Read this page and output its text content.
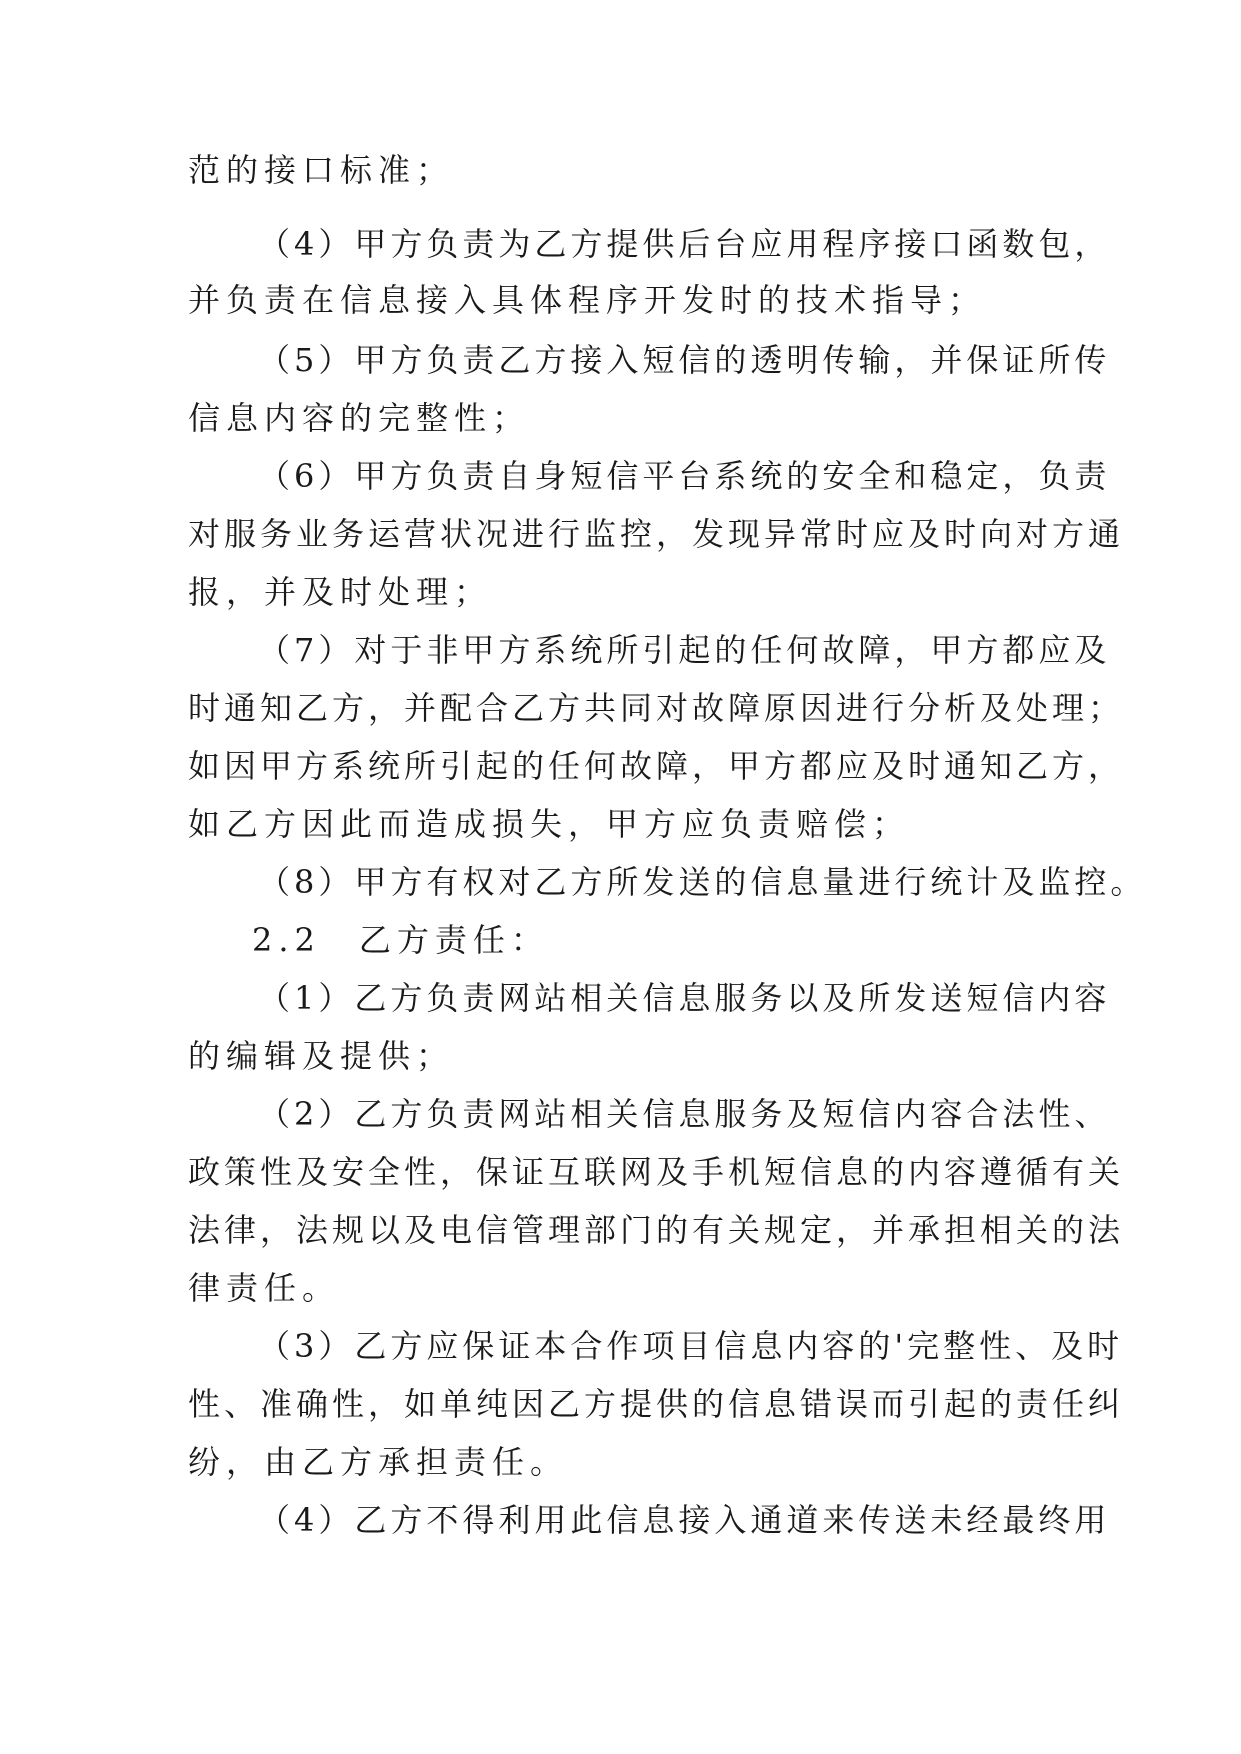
范的接口标准；
（4）甲方负责为乙方提供后台应用程序接口函数包，
并负责在信息接入具体程序开发时的技术指导；
（5）甲方负责乙方接入短信的透明传输，并保证所传
信息内容的完整性；
（6）甲方负责自身短信平台系统的安全和稳定，负责
对服务业务运营状况进行监控，发现异常时应及时向对方通
报，并及时处理；
（7）对于非甲方系统所引起的任何故障，甲方都应及
时通知乙方，并配合乙方共同对故障原因进行分析及处理；
如因甲方系统所引起的任何故障，甲方都应及时通知乙方，
如乙方因此而造成损失，甲方应负责赔偿；
（8）甲方有权对乙方所发送的信息量进行统计及监控。
2.2　乙方责任：
（1）乙方负责网站相关信息服务以及所发送短信内容
的编辑及提供；
（2）乙方负责网站相关信息服务及短信内容合法性、
政策性及安全性，保证互联网及手机短信息的内容遵循有关
法律，法规以及电信管理部门的有关规定，并承担相关的法
律责任。
（3）乙方应保证本合作项目信息内容的'完整性、及时
性、准确性，如单纯因乙方提供的信息错误而引起的责任纠
纷，由乙方承担责任。
（4）乙方不得利用此信息接入通道来传送未经最终用
